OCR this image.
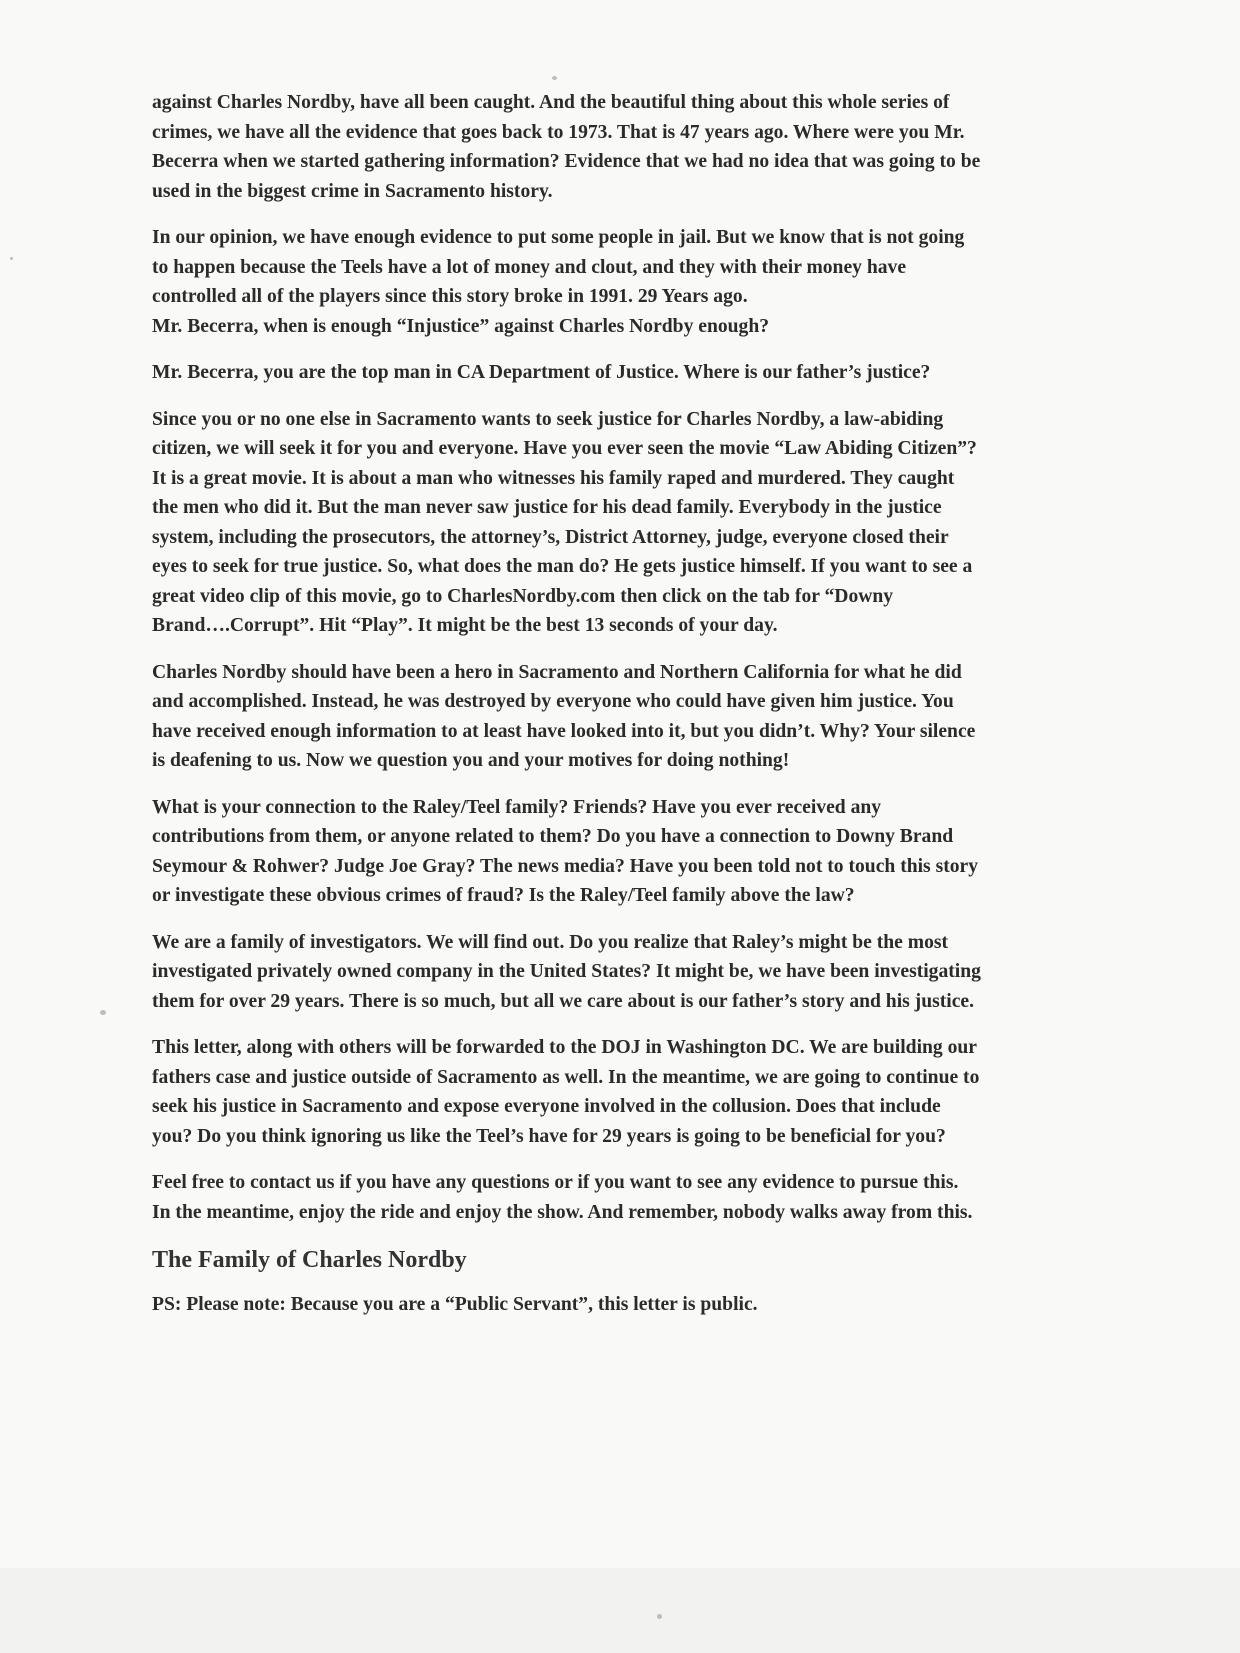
against Charles Nordby, have all been caught. And the beautiful thing about this whole series of
crimes, we have all the evidence that goes back to 1973. That is 47 years ago. Where were you Mr.
Becerra when we started gathering information? Evidence that we had no idea that was going to be
used in the biggest crime in Sacramento history.

In our opinion, we have enough evidence to put some people in jail. But we know that is not going
to happen because the Teels have a lot of money and clout, and they with their money have
controlled all of the players since this story broke in 1991. 29 Years ago.
Mr. Becerra, when is enough “Injustice” against Charles Nordby enough?

Mr. Becerra, you are the top man in CA Department of Justice. Where is our father’s justice?

Since you or no one else in Sacramento wants to seek justice for Charles Nordby, a law-abiding
citizen, we will seek it for you and everyone. Have you ever seen the movie “Law Abiding Citizen”?
It is a great movie. It is about a man who witnesses his family raped and murdered. They caught
the men who did it. But the man never saw justice for his dead family. Everybody in the justice
system, including the prosecutors, the attorney’s, District Attorney, judge, everyone closed their
eyes to seek for true justice. So, what does the man do? He gets justice himself. If you want to see a
great video clip of this movie, go to CharlesNordby.com then click on the tab for “Downy
Brand….Corrupt”. Hit “Play”. It might be the best 13 seconds of your day.

Charles Nordby should have been a hero in Sacramento and Northern California for what he did
and accomplished. Instead, he was destroyed by everyone who could have given him justice. You
have received enough information to at least have looked into it, but you didn’t. Why? Your silence
is deafening to us. Now we question you and your motives for doing nothing!

What is your connection to the Raley/Teel family? Friends? Have you ever received any
contributions from them, or anyone related to them? Do you have a connection to Downy Brand
Seymour & Rohwer? Judge Joe Gray? The news media? Have you been told not to touch this story
or investigate these obvious crimes of fraud? Is the Raley/Teel family above the law?

We are a family of investigators. We will find out. Do you realize that Raley’s might be the most
investigated privately owned company in the United States? It might be, we have been investigating
them for over 29 years. There is so much, but all we care about is our father’s story and his justice.

This letter, along with others will be forwarded to the DOJ in Washington DC. We are building our
fathers case and justice outside of Sacramento as well. In the meantime, we are going to continue to
seek his justice in Sacramento and expose everyone involved in the collusion. Does that include
you? Do you think ignoring us like the Teel’s have for 29 years is going to be beneficial for you?

Feel free to contact us if you have any questions or if you want to see any evidence to pursue this.
In the meantime, enjoy the ride and enjoy the show. And remember, nobody walks away from this.

The Family of Charles Nordby

PS: Please note: Because you are a “Public Servant”, this letter is public.
